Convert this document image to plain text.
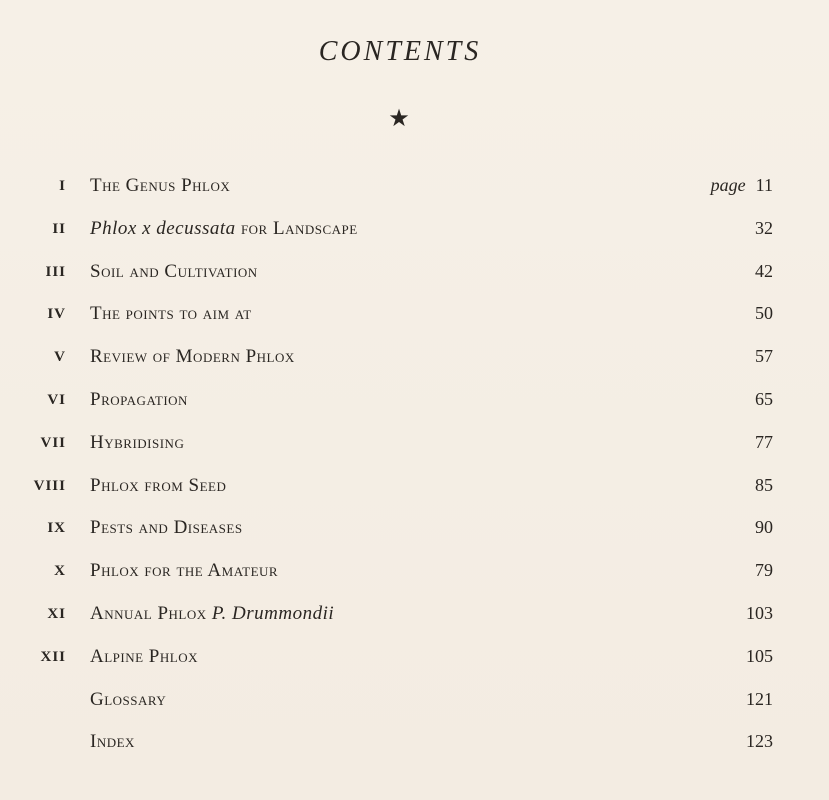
CONTENTS
★
I The Genus Phlox	page 11
II Phlox x decussata for Landscape	32
III Soil and Cultivation	42
IV The points to aim at	50
V Review of Modern Phlox	57
VI Propagation	65
VII Hybridising	77
VIII Phlox from Seed	85
IX Pests and Diseases	90
X Phlox for the Amateur	79
XI Annual Phlox P. Drummondii	103
XII Alpine Phlox	105
Glossary	121
Index	123
